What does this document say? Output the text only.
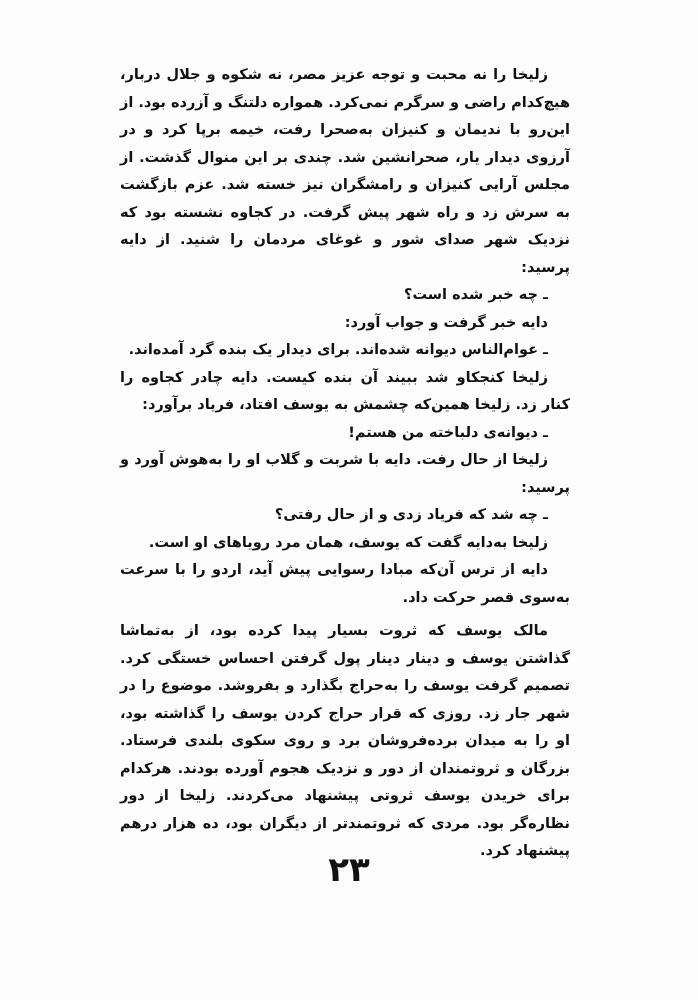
زلیخا را نه محبت و توجه عزیز مصر، نه شکوه و جلال دربار، هیچ‌کدام راضی و سرگرم نمی‌کرد. همواره دلتنگ و آزرده بود. از این‌رو با ندیمان و کنیزان به‌صحرا رفت، خیمه برپا کرد و در آرزوی دیدار یار، صحرانشین شد. چندی بر این منوال گذشت. از مجلس آرایی کنیزان و رامشگران نیز خسته شد. عزم بازگشت به سرش زد و راه شهر پیش گرفت. در کجاوه نشسته بود که نزدیک شهر صدای شور و غوغای مردمان را شنید. از دایه پرسید:

ـ چه خبر شده است؟

دایه خبر گرفت و جواب آورد:

ـ عوام‌الناس دیوانه شده‌اند. برای دیدار یک بنده گرد آمده‌اند.

زلیخا کنجکاو شد ببیند آن بنده کیست. دایه چادر کجاوه را کنار زد. زلیخا همین‌که چشمش به یوسف افتاد، فریاد برآورد:

ـ دیوانه‌ی دلباخته من هستم!

زلیخا از حال رفت. دایه با شربت و گلاب او را به‌هوش آورد و پرسید:

ـ چه شد که فریاد زدی و از حال رفتی؟

زلیخا به‌دایه گفت که یوسف، همان مرد رویاهای او است.

دایه از ترس آن‌که مبادا رسوایی پیش آید، اردو را با سرعت به‌سوی قصر حرکت داد.

مالک یوسف که ثروت بسیار پیدا کرده بود، از به‌تماشا گذاشتن یوسف و دینار دینار پول گرفتن احساس خستگی کرد. تصمیم گرفت یوسف را به‌حراج بگذارد و بفروشد. موضوع را در شهر جار زد. روزی که قرار حراج کردن یوسف را گذاشته بود، او را به میدان برده‌فروشان برد و روی سکوی بلندی فرستاد. بزرگان و ثروتمندان از دور و نزدیک هجوم آورده بودند. هرکدام برای خریدن یوسف ثروتی پیشنهاد می‌کردند. زلیخا از دور نظاره‌گر بود. مردی که ثروتمندتر از دیگران بود، ده هزار درهم پیشنهاد کرد.

۲۳
